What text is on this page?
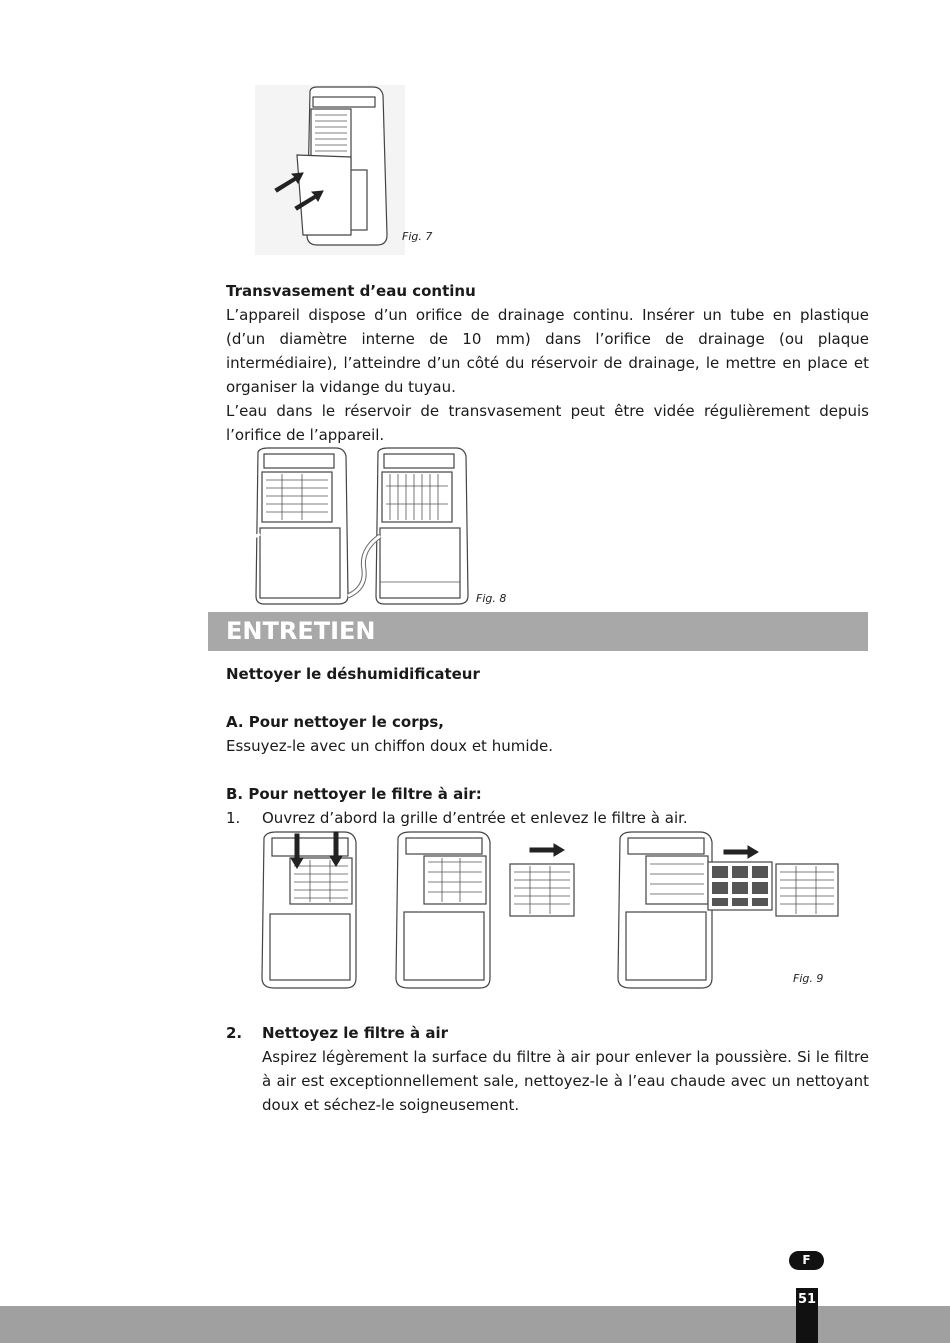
Fig. 7
Transvasement d’eau continu
L’appareil dispose d’un orifice de drainage continu. Insérer un tube en plastique (d’un diamètre interne de 10 mm) dans l’orifice de drainage (ou plaque intermédiaire), l’atteindre d’un côté du réservoir de drainage, le mettre en place et organiser la vidange du tuyau.
L’eau dans le réservoir de transvasement peut être vidée régulièrement depuis l’orifice de l’appareil.
Fig. 8
ENTRETIEN
Nettoyer le déshumidificateur
A. Pour nettoyer le corps,
Essuyez-le avec un chiffon doux et humide.
B. Pour nettoyer le filtre à air:
1. Ouvrez d’abord la grille d’entrée et enlevez le filtre à air.
Fig. 9
2. Nettoyez le filtre à air
Aspirez légèrement la surface du filtre à air pour enlever la poussière. Si le filtre à air est exceptionnellement sale, nettoyez-le à l’eau chaude avec un nettoyant doux et séchez-le soigneusement.
F
51
